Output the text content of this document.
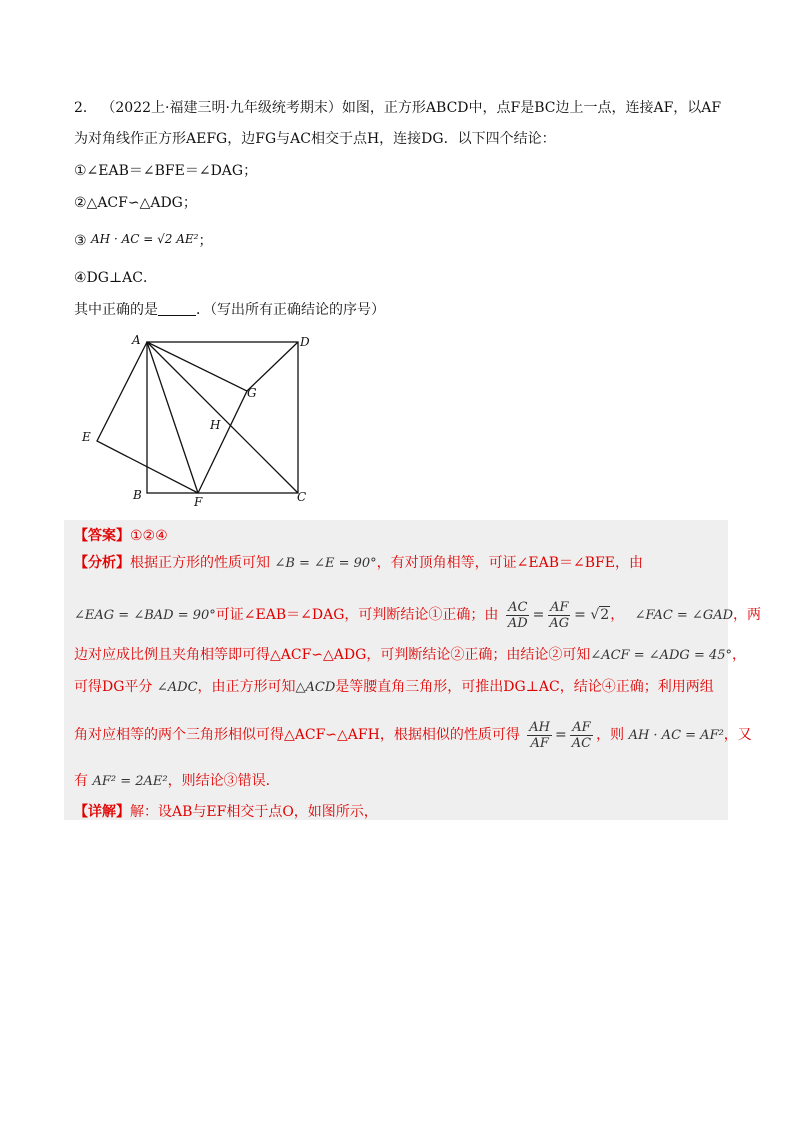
2． （2022上·福建三明·九年级统考期末）如图，正方形ABCD中，点F是BC边上一点，连接AF，以AF
为对角线作正方形AEFG，边FG与AC相交于点H，连接DG．以下四个结论：
①∠EAB＝∠BFE＝∠DAG；
②△ACF∽△ADG；
③ AH · AC = √2 AE²；
④DG⊥AC．
其中正确的是	．（写出所有正确结论的序号）
A	D
G
H
E
B	F	C
【答案】①②④
【分析】根据正方形的性质可知 ∠B = ∠E = 90°，有对顶角相等，可证∠EAB＝∠BFE，由
∠EAG = ∠BAD = 90°可证∠EAB＝∠DAG，可判断结论①正确；由 $\frac{AC}{AD} = \frac{AF}{AG} = √2$， ∠FAC = ∠GAD，两
边对应成比例且夹角相等即可得△ACF∽△ADG，可判断结论②正确；由结论②可知∠ACF = ∠ADG = 45°，
可得DG平分 ∠ADC，由正方形可知△ACD是等腰直角三角形，可推出DG⊥AC，结论④正确；利用两组
角对应相等的两个三角形相似可得△ACF∽△AFH，根据相似的性质可得 $\frac{AH}{AF} = \frac{AF}{AC}$ ，则 AH · AC = AF²，又
有 AF² = 2AE²，则结论③错误．
【详解】解：设AB与EF相交于点O，如图所示，
